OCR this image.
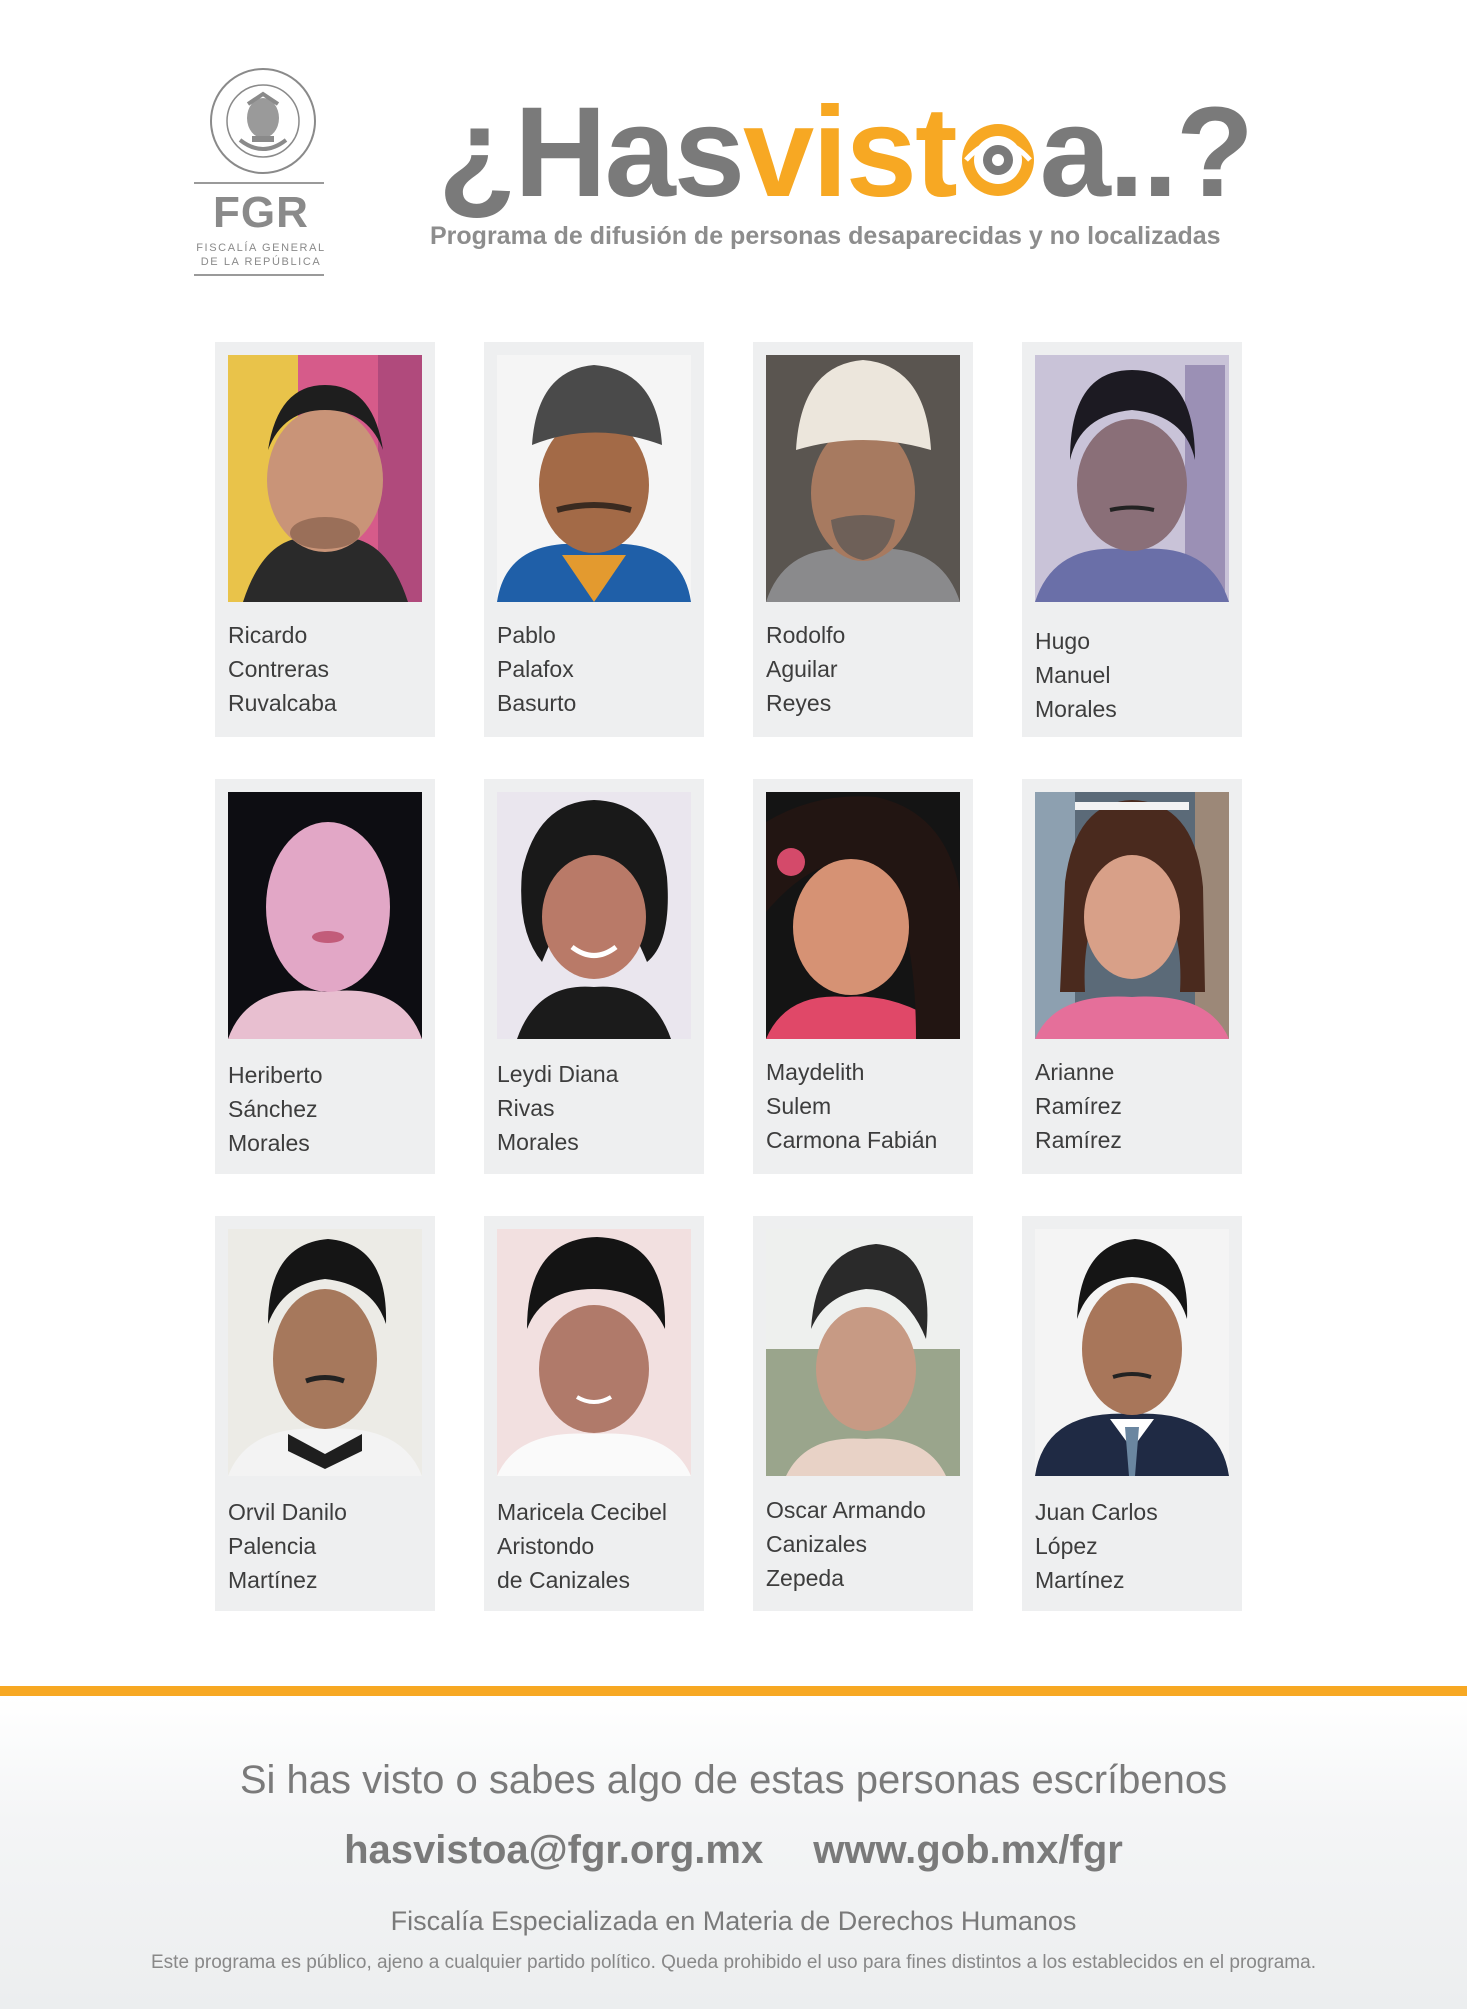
FGR
FISCALÍA GENERAL
DE LA REPÚBLICA
¿Hasvist a..?
Programa de difusión de personas desaparecidas y no localizadas
Ricardo
Contreras
Ruvalcaba
Pablo
Palafox
Basurto
Rodolfo
Aguilar
Reyes
Hugo
Manuel
Morales
Heriberto
Sánchez
Morales
Leydi Diana
Rivas
Morales
Maydelith
Sulem
Carmona Fabián
Arianne
Ramírez
Ramírez
Orvil Danilo
Palencia
Martínez
Maricela Cecibel
Aristondo
de Canizales
Oscar Armando
Canizales
Zepeda
Juan Carlos
López
Martínez
Si has visto o sabes algo de estas personas escríbenos
hasvistoa@fgr.org.mx www.gob.mx/fgr
Fiscalía Especializada en Materia de Derechos Humanos
Este programa es público, ajeno a cualquier partido político. Queda prohibido el uso para fines distintos a los establecidos en el programa.
